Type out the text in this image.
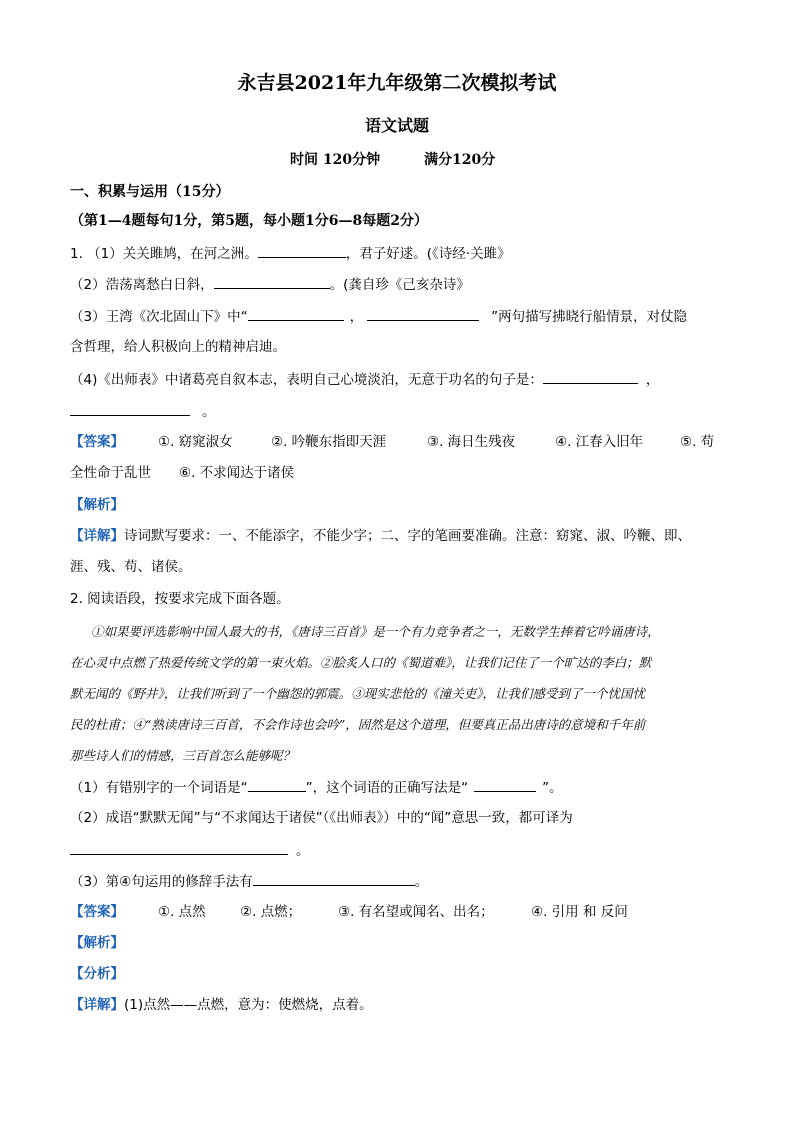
永吉县2021年九年级第二次模拟考试
语文试题
时间 120分钟	满分120分
一、积累与运用（15分）
（第1—4题每句1分，第5题，每小题1分6—8每题2分）
1. （1）关关雎鸠，在河之洲。	，君子好逑。(《诗经·关雎》
（2）浩荡离愁白日斜，	。(龚自珍《己亥杂诗》
（3）王湾《次北固山下》中“	，	”两句描写拂晓行船情景，对仗隐
含哲理，给人积极向上的精神启迪。
（4)《出师表》中诸葛亮自叙本志，表明自己心境淡泊，无意于功名的句子是：	，
。
【答案】	①. 窈窕淑女	②. 吟鞭东指即天涯	③. 海日生残夜	④. 江春入旧年	⑤. 苟
全性命于乱世 ⑥. 不求闻达于诸侯
【解析】
【详解】诗词默写要求：一、不能添字，不能少字；二、字的笔画要准确。注意：窈窕、淑、吟鞭、即、
涯、残、苟、诸侯。
2. 阅读语段，按要求完成下面各题。
①如果要评选影响中国人最大的书，《唐诗三百首》是一个有力竞争者之一，无数学生捧着它吟诵唐诗，
在心灵中点燃了热爱传统文学的第一束火焰。②脍炙人口的《蜀道难》，让我们记住了一个旷达的李白；默
默无闻的《野井》，让我们听到了一个幽怨的郭震。③现实悲怆的《潼关吏》，让我们感受到了一个忧国忧
民的杜甫；④“熟读唐诗三百首，不会作诗也会吟”，固然是这个道理，但要真正品出唐诗的意境和千年前
那些诗人们的情感，三百首怎么能够呢？
（1）有错别字的一个词语是“	”，这个词语的正确写法是“	”。
（2）成语“默默无闻”与“不求闻达于诸侯”（《出师表》）中的“闻”意思一致，都可译为
。
（3）第④句运用的修辞手法有	。
【答案】	①. 点然	②. 点燃；	③. 有名望或闻名、出名；	④. 引用 和 反问
【解析】
【分析】
【详解】(1)点然——点燃，意为：使燃烧，点着。
